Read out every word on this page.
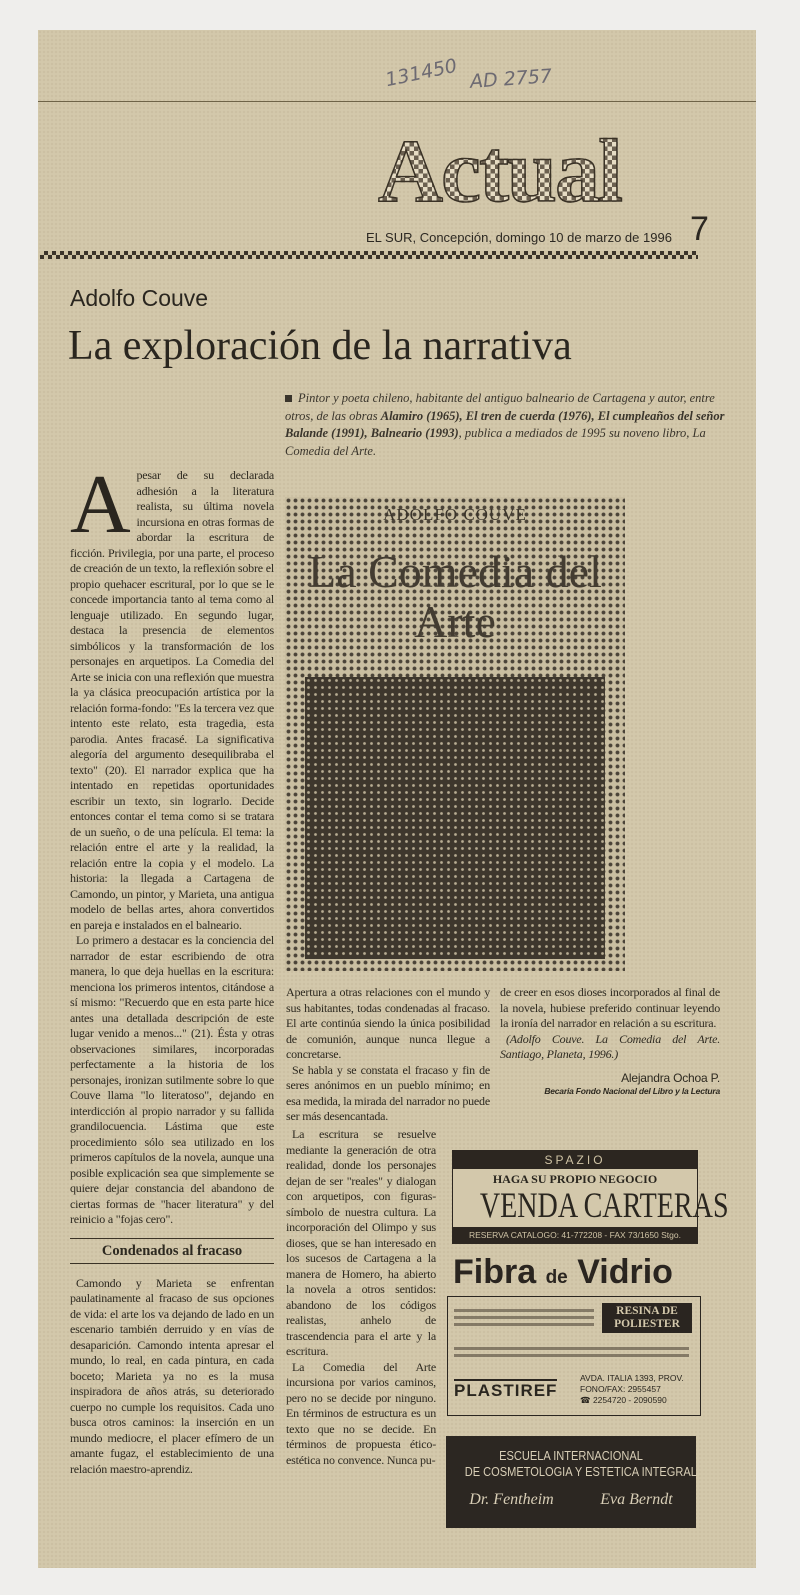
131450 AD 2757
Actual
EL SUR, Concepción, domingo 10 de marzo de 1996 7
Adolfo Couve
La exploración de la narrativa
Pintor y poeta chileno, habitante del antiguo balneario de Cartagena y autor, entre otros, de las obras Alamiro (1965), El tren de cuerda (1976), El cumpleaños del señor Balande (1991), Balneario (1993), publica a mediados de 1995 su noveno libro, La Comedia del Arte.
ADOLFO COUVE
La Comedia del Arte

Apesar de su declarada adhesión a la literatura realista, su última novela incursiona en otras formas de abordar la escritura de ficción. Privilegia, por una parte, el proceso de creación de un texto, la reflexión sobre el propio quehacer escritural, por lo que se le concede importancia tanto al tema como al lenguaje utilizado. En segundo lugar, destaca la presencia de elementos simbólicos y la transformación de los personajes en arquetipos. La Comedia del Arte se inicia con una reflexión que muestra la ya clásica preocupación artística por la relación forma-fondo: "Es la tercera vez que intento este relato, esta tragedia, esta parodia. Antes fracasé. La significativa alegoría del argumento desequilibraba el texto" (20). El narrador explica que ha intentado en repetidas oportunidades escribir un texto, sin lograrlo. Decide entonces contar el tema como si se tratara de un sueño, o de una película. El tema: la relación entre el arte y la realidad, la relación entre la copia y el modelo. La historia: la llegada a Cartagena de Camondo, un pintor, y Marieta, una antigua modelo de bellas artes, ahora convertidos en pareja e instalados en el balneario.

Lo primero a destacar es la conciencia del narrador de estar escribiendo de otra manera, lo que deja huellas en la escritura: menciona los primeros intentos, citándose a sí mismo: "Recuerdo que en esta parte hice antes una detallada descripción de este lugar venido a menos..." (21). Ésta y otras observaciones similares, incorporadas perfectamente a la historia de los personajes, ironizan sutilmente sobre lo que Couve llama "lo literatoso", dejando en interdicción al propio narrador y su fallida grandilocuencia. Lástima que este procedimiento sólo sea utilizado en los primeros capítulos de la novela, aunque una posible explicación sea que simplemente se quiere dejar constancia del abandono de ciertas formas de "hacer literatura" y del reinicio a "fojas cero".

Condenados al fracaso

Camondo y Marieta se enfrentan paulatinamente al fracaso de sus opciones de vida: el arte los va dejando de lado en un escenario también derruido y en vías de desaparición. Camondo intenta apresar el mundo, lo real, en cada pintura, en cada boceto; Marieta ya no es la musa inspiradora de años atrás, su deteriorado cuerpo no cumple los requisitos. Cada uno busca otros caminos: la inserción en un mundo mediocre, el placer efímero de un amante fugaz, el establecimiento de una relación maestro-aprendiz.

Apertura a otras relaciones con el mundo y sus habitantes, todas condenadas al fracaso. El arte continúa siendo la única posibilidad de comunión, aunque nunca llegue a concretarse.

Se habla y se constata el fracaso y fin de seres anónimos en un pueblo mínimo; en esa medida, la mirada del narrador no puede ser más desencantada.

La escritura se resuelve mediante la generación de otra realidad, donde los personajes dejan de ser "reales" y dialogan con arquetipos, con figuras-símbolo de nuestra cultura. La incorporación del Olimpo y sus dioses, que se han interesado en los sucesos de Cartagena a la manera de Homero, ha abierto la novela a otros sentidos: abandono de los códigos realistas, anhelo de trascendencia para el arte y la escritura.

La Comedia del Arte incursiona por varios caminos, pero no se decide por ninguno. En términos de estructura es un texto que no se decide. En términos de propuesta ético-estética no convence. Nunca pu-

de creer en esos dioses incorporados al final de la novela, hubiese preferido continuar leyendo la ironía del narrador en relación a su escritura.

(Adolfo Couve. La Comedia del Arte. Santiago, Planeta, 1996.)

Alejandra Ochoa P.
Becaria Fondo Nacional del Libro y la Lectura
SPAZIO
HAGA SU PROPIO NEGOCIO
VENDA CARTERAS
RESERVA CATALOGO: 41-772208 - FAX 73/1650 Stgo.
Fibra de Vidrio
RESINA DE POLIESTER
PLASTIREF
AVDA. ITALIA 1393, PROV.
FONO/FAX: 2955457
☎ 2254720 - 2090590
ESCUELA INTERNACIONAL
DE COSMETOLOGIA Y ESTETICA INTEGRAL
Dr. Fentheim	Eva Berndt
